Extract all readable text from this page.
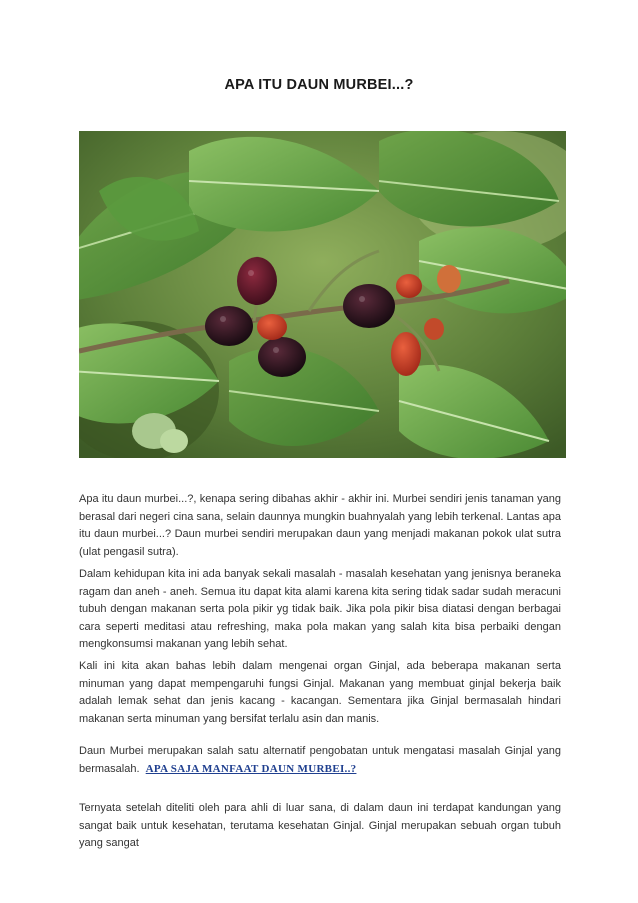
APA ITU DAUN MURBEI...?

Apa itu daun murbei...?, kenapa sering dibahas akhir - akhir ini. Murbei sendiri jenis tanaman yang berasal dari negeri cina sana, selain daunnya mungkin buahnyalah yang lebih terkenal. Lantas apa itu daun murbei...? Daun murbei sendiri merupakan daun yang menjadi makanan pokok ulat sutra (ulat pengasil sutra).

Dalam kehidupan kita ini ada banyak sekali masalah - masalah kesehatan yang jenisnya beraneka ragam dan aneh - aneh. Semua itu dapat kita alami karena kita sering tidak sadar sudah meracuni tubuh dengan makanan serta pola pikir yg tidak baik. Jika pola pikir bisa diatasi dengan berbagai cara seperti meditasi atau refreshing, maka pola makan yang salah kita bisa perbaiki dengan mengkonsumsi makanan yang lebih sehat.

Kali ini kita akan bahas lebih dalam mengenai organ Ginjal, ada beberapa makanan serta minuman yang dapat mempengaruhi fungsi Ginjal. Makanan yang membuat ginjal bekerja baik adalah lemak sehat dan jenis kacang - kacangan. Sementara jika Ginjal bermasalah hindari makanan serta minuman yang bersifat terlalu asin dan manis.

Daun Murbei merupakan salah satu alternatif pengobatan untuk mengatasi masalah Ginjal yang bermasalah. APA SAJA MANFAAT DAUN MURBEI..?

Ternyata setelah diteliti oleh para ahli di luar sana, di dalam daun ini terdapat kandungan yang sangat baik untuk kesehatan, terutama kesehatan Ginjal. Ginjal merupakan sebuah organ tubuh yang sangat
